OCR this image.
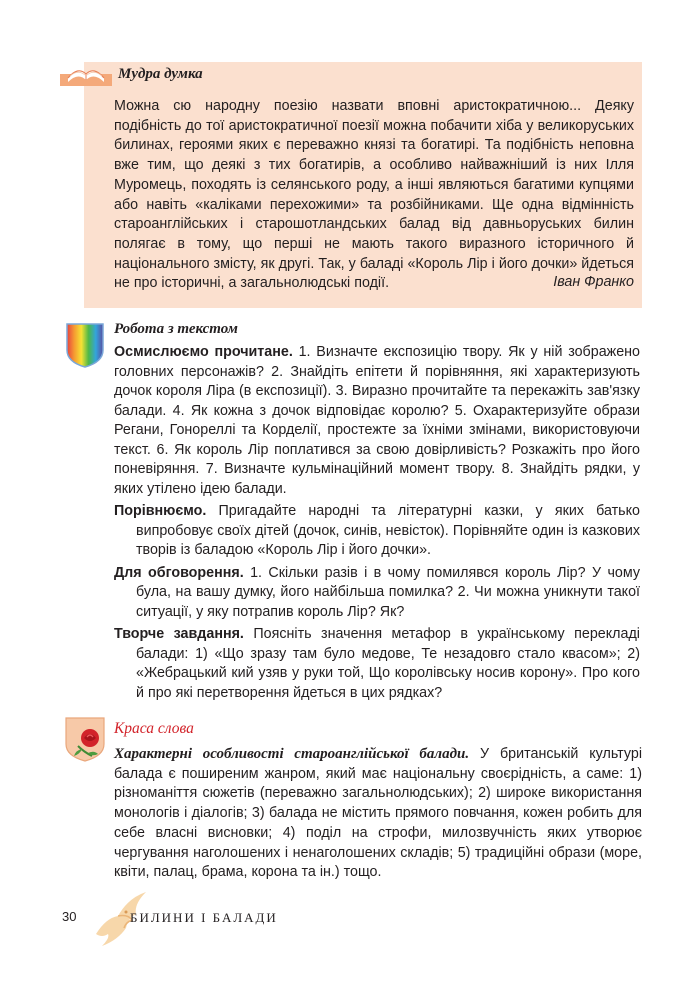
Мудра думка

Можна сю народну поезію назвати вповні аристократичною... Деяку подібність до тої аристократичної поезії можна побачити хіба у великоруських билинах, героями яких є переважно князі та богатирі. Та подібність неповна вже тим, що деякі з тих богатирів, а особливо найважніший із них Ілля Муромець, походять із селянського роду, а інші являються багатими купцями або навіть «каліками перехожими» та розбійниками. Ще одна відмінність староанглійських і старошотландських балад від давньоруських билин полягає в тому, що перші не мають такого виразного історичного й національного змісту, як другі. Так, у баладі «Король Лір і його дочки» йдеться не про історичні, а загальнолюдські події.	Іван Франко
Робота з текстом

Осмислюємо прочитане. 1. Визначте експозицію твору. Як у ній зображено головних персонажів? 2. Знайдіть епітети й порівняння, які характеризують дочок короля Ліра (в експозиції). 3. Виразно прочитайте та перекажіть зав'язку балади. 4. Як кожна з дочок відповідає королю? 5. Охарактеризуйте образи Регани, Гонореллі та Корделії, простежте за їхніми змінами, використовуючи текст. 6. Як король Лір поплатився за свою довірливість? Розкажіть про його поневіряння. 7. Визначте кульмінаційний момент твору. 8. Знайдіть рядки, у яких утілено ідею балади.

Порівнюємо. Пригадайте народні та літературні казки, у яких батько випробовує своїх дітей (дочок, синів, невісток). Порівняйте один із казкових творів із баладою «Король Лір і його дочки».

Для обговорення. 1. Скільки разів і в чому помилявся король Лір? У чому була, на вашу думку, його найбільша помилка? 2. Чи можна уникнути такої ситуації, у яку потрапив король Лір? Як?

Творче завдання. Поясніть значення метафор в українському перекладі балади: 1) «Що зразу там було медове, Те незадовго стало квасом»; 2) «Жебрацький кий узяв у руки той, Що королівську носив корону». Про кого й про які перетворення йдеться в цих рядках?

Краса слова
Характерні особливості староанглійської балади. У британській культурі балада є поширеним жанром, який має національну своєрідність, а саме: 1) різноманіття сюжетів (переважно загальнолюдських); 2) широке використання монологів і діалогів; 3) балада не містить прямого повчання, кожен робить для себе власні висновки; 4) поділ на строфи, милозвучність яких утворює чергування наголошених і ненаголошених складів; 5) традиційні образи (море, квіти, палац, брама, корона та ін.) тощо.
30	БИЛИНИ І БАЛАДИ
